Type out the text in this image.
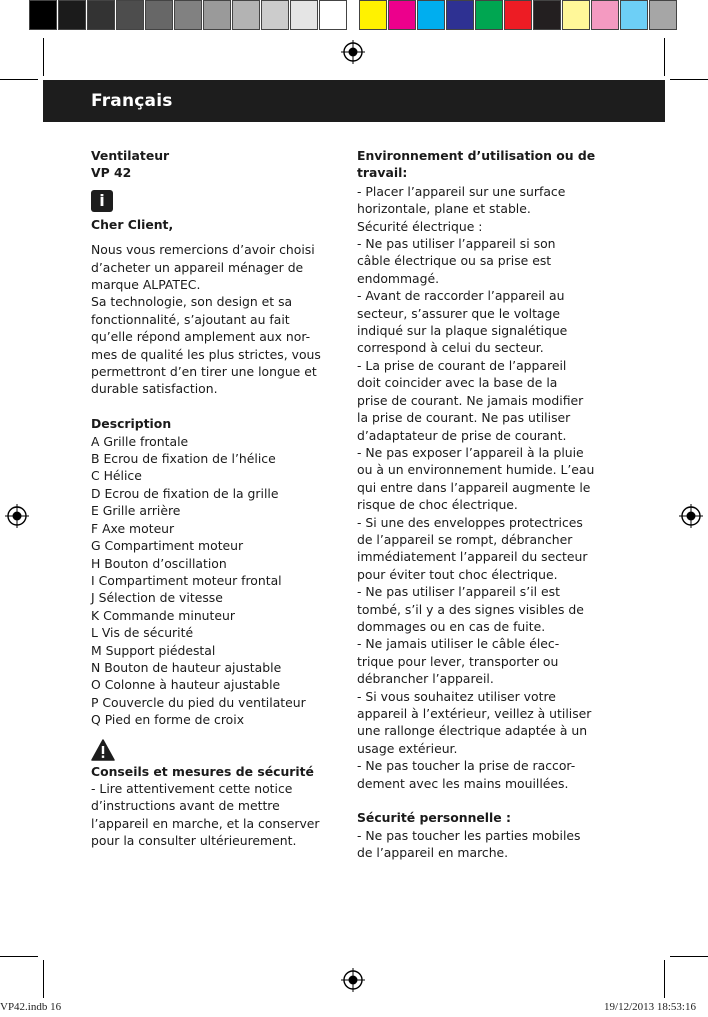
Français

Ventilateur

VP 42

i

Cher Client,

Nous vous remercions d’avoir choisi

d’acheter un appareil ménager de

marque ALPATEC.

Sa technologie, son design et sa

fonctionnalité, s’ajoutant au fait

qu’elle répond amplement aux nor-

mes de qualité les plus strictes, vous

permettront d’en tirer une longue et

durable satisfaction.

Description

A Grille frontale

B Ecrou de fixation de l’hélice

C Hélice

D Ecrou de fixation de la grille

E Grille arrière

F Axe moteur

G Compartiment moteur

H Bouton d’oscillation

I Compartiment moteur frontal

J Sélection de vitesse

K Commande minuteur

L Vis de sécurité

M Support piédestal

N Bouton de hauteur ajustable

O Colonne à hauteur ajustable

P Couvercle du pied du ventilateur

Q Pied en forme de croix

Conseils et mesures de sécurité

- Lire attentivement cette notice

d’instructions avant de mettre

l’appareil en marche, et la conserver

pour la consulter ultérieurement.

Environnement d’utilisation ou de

travail:

- Placer l’appareil sur une surface

horizontale, plane et stable.

Sécurité électrique :

- Ne pas utiliser l’appareil si son

câble électrique ou sa prise est

endommagé.

- Avant de raccorder l’appareil au

secteur, s’assurer que le voltage

indiqué sur la plaque signalétique

correspond à celui du secteur.

- La prise de courant de l’appareil

doit coincider avec la base de la

prise de courant. Ne jamais modifier

la prise de courant. Ne pas utiliser

d’adaptateur de prise de courant.

- Ne pas exposer l’appareil à la pluie

ou à un environnement humide. L’eau

qui entre dans l’appareil augmente le

risque de choc électrique.

- Si une des enveloppes protectrices

de l’appareil se rompt, débrancher

immédiatement l’appareil du secteur

pour éviter tout choc électrique.

- Ne pas utiliser l’appareil s’il est

tombé, s’il y a des signes visibles de

dommages ou en cas de fuite.

- Ne jamais utiliser le câble élec-

trique pour lever, transporter ou

débrancher l’appareil.

- Si vous souhaitez utiliser votre

appareil à l’extérieur, veillez à utiliser

une rallonge électrique adaptée à un

usage extérieur.

- Ne pas toucher la prise de raccor-

dement avec les mains mouillées.

Sécurité personnelle :

- Ne pas toucher les parties mobiles

de l’appareil en marche.

VP42.indb 16	19/12/2013 18:53:16
